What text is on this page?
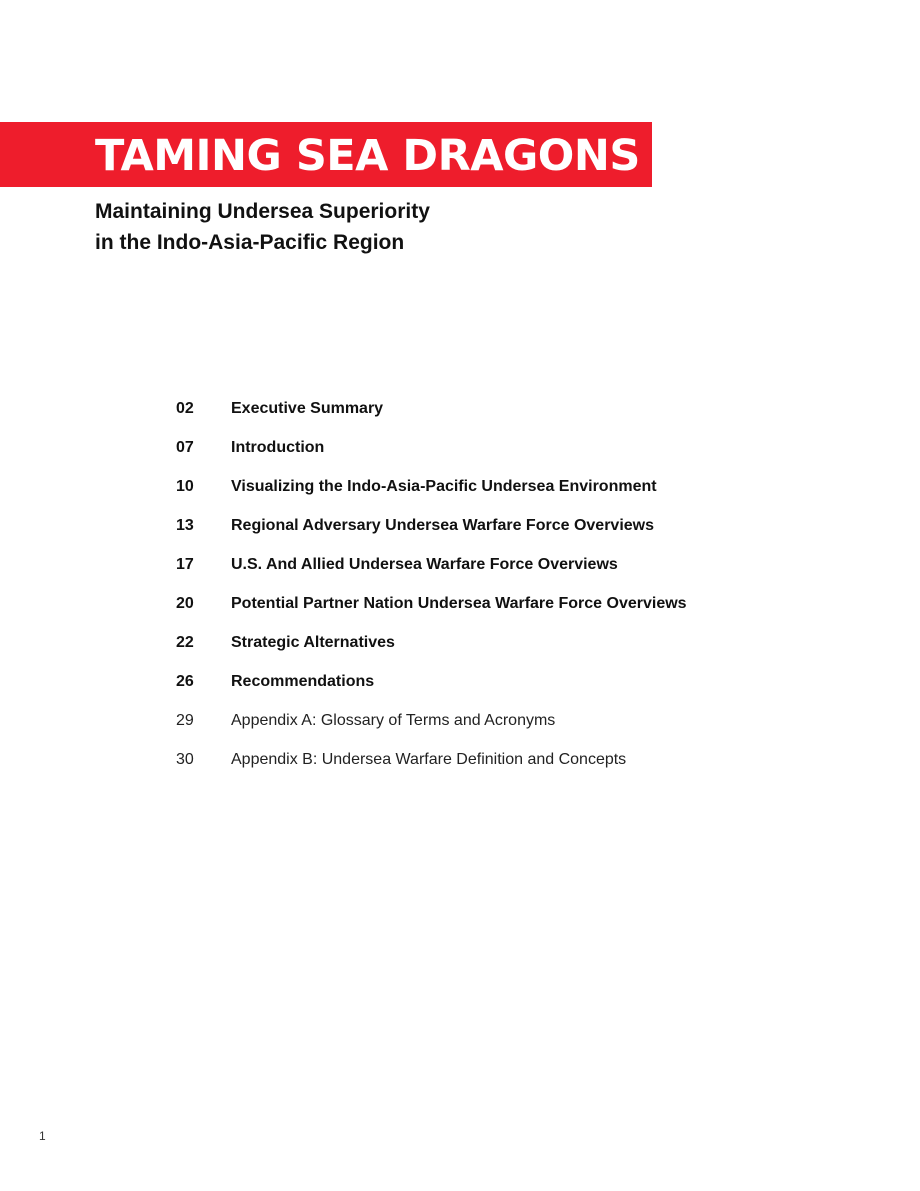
TAMING SEA DRAGONS
Maintaining Undersea Superiority
in the Indo-Asia-Pacific Region
02	Executive Summary
07	Introduction
10	Visualizing the Indo-Asia-Pacific Undersea Environment
13	Regional Adversary Undersea Warfare Force Overviews
17	U.S. And Allied Undersea Warfare Force Overviews
20	Potential Partner Nation Undersea Warfare Force Overviews
22	Strategic Alternatives
26	Recommendations
29	Appendix A: Glossary of Terms and Acronyms
30	Appendix B: Undersea Warfare Definition and Concepts
1
